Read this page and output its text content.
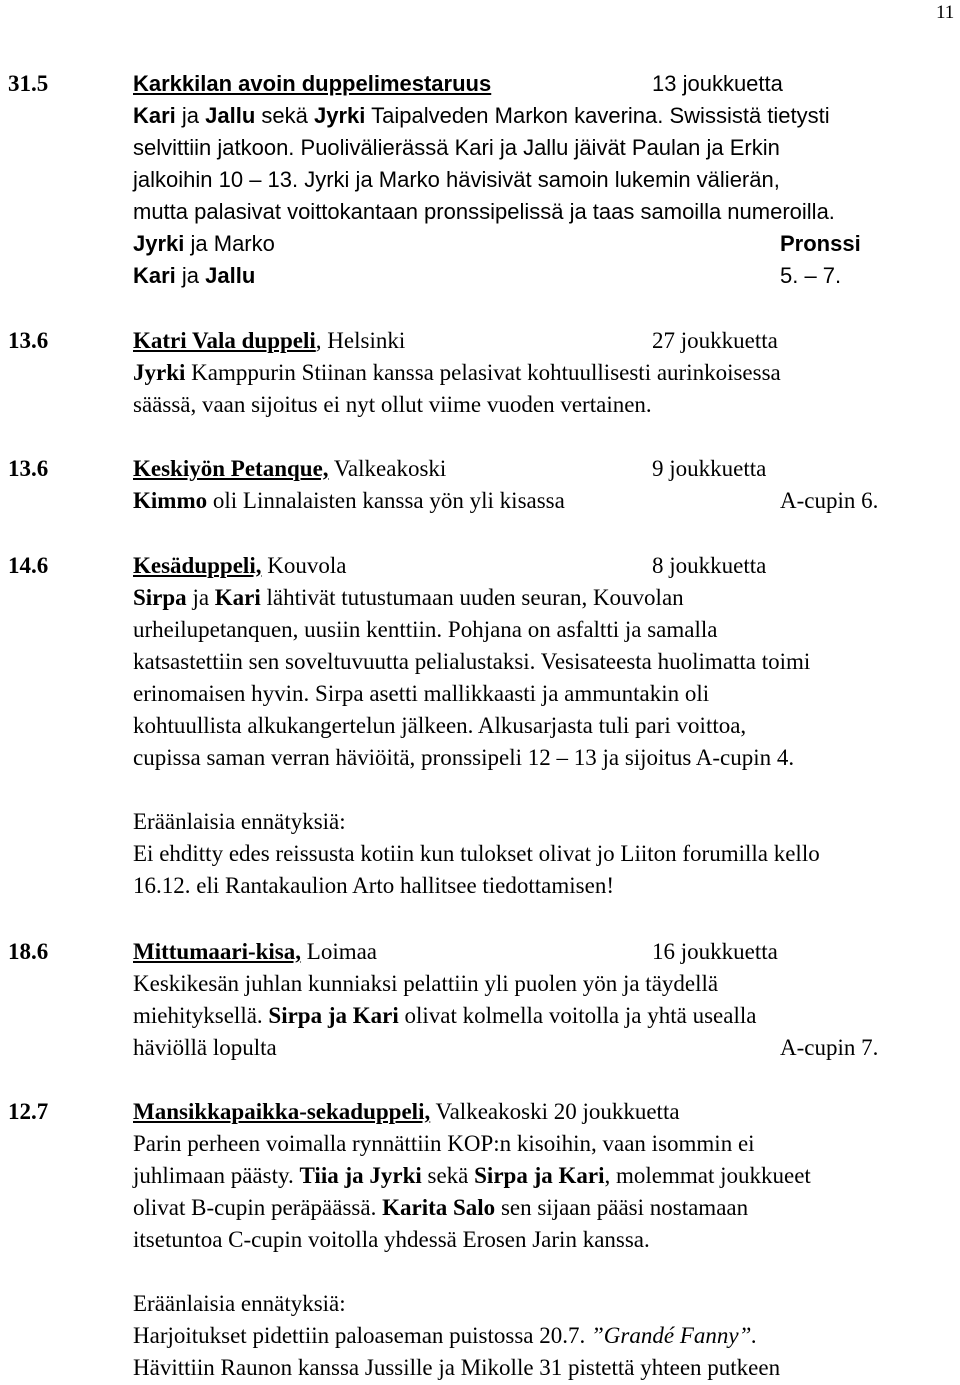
11
31.5	Karkkilan avoin duppelimestaruus	13 joukkuetta
Kari ja Jallu sekä Jyrki Taipalveden Markon kaverina. Swissistä tietysti
selvittiin jatkoon. Puolivälierässä Kari ja Jallu jäivät Paulan ja Erkin
jalkoihin 10 – 13. Jyrki ja Marko hävisivät samoin lukemin välierän,
mutta palasivat voittokantaan pronssipelissä ja taas samoilla numeroilla.
Jyrki ja Marko	Pronssi
Kari ja Jallu	5. – 7.
13.6	Katri Vala duppeli, Helsinki	27 joukkuetta
Jyrki Kamppurin Stiinan kanssa pelasivat kohtuullisesti aurinkoisessa
säässä, vaan sijoitus ei nyt ollut viime vuoden vertainen.
13.6	Keskiyön Petanque, Valkeakoski	9 joukkuetta
Kimmo oli Linnalaisten kanssa yön yli kisassa	A-cupin 6.
14.6	Kesäduppeli, Kouvola	8 joukkuetta
Sirpa ja Kari lähtivät tutustumaan uuden seuran, Kouvolan
urheilupetanquen, uusiin kenttiin. Pohjana on asfaltti ja samalla
katsastettiin sen soveltuvuutta pelialustaksi. Vesisateesta huolimatta toimi
erinomaisen hyvin. Sirpa asetti mallikkaasti ja ammuntakin oli
kohtuullista alkukangertelun jälkeen. Alkusarjasta tuli pari voittoa,
cupissa saman verran häviöitä, pronssipeli 12 – 13 ja sijoitus A-cupin 4.
Eräänlaisia ennätyksiä:
Ei ehditty edes reissusta kotiin kun tulokset olivat jo Liiton forumilla kello
16.12. eli Rantakaulion Arto hallitsee tiedottamisen!
18.6	Mittumaari-kisa, Loimaa	16 joukkuetta
Keskikesän juhlan kunniaksi pelattiin yli puolen yön ja täydellä
miehityksellä. Sirpa ja Kari olivat kolmella voitolla ja yhtä usealla
häviöllä lopulta	A-cupin 7.
12.7	Mansikkapaikka-sekaduppeli, Valkeakoski 20 joukkuetta
Parin perheen voimalla rynnättiin KOP:n kisoihin, vaan isommin ei
juhlimaan päästy. Tiia ja Jyrki sekä Sirpa ja Kari, molemmat joukkueet
olivat B-cupin peräpäässä. Karita Salo sen sijaan pääsi nostamaan
itsetuntoa C-cupin voitolla yhdessä Erosen Jarin kanssa.
Eräänlaisia ennätyksiä:
Harjoitukset pidettiin paloaseman puistossa 20.7. ”Grandé Fanny”.
Hävittiin Raunon kanssa Jussille ja Mikolle 31 pistettä yhteen putkeen
